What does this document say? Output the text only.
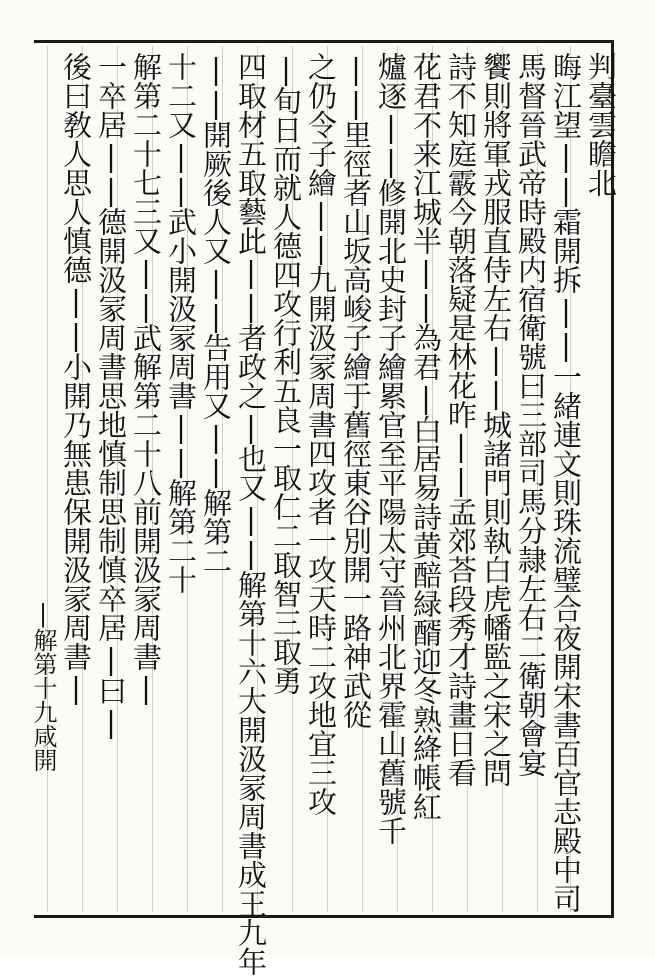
判臺雲瞻北
晦江望||霜開拆||一緒連文則珠流璧合夜開宋書百官志殿中司
馬督晉武帝時殿内宿衛號曰三部司馬分隷左右二衛朝會宴
饗則將軍戎服直侍左右||城諸門則執白虎幡監之宋之問
詩不知庭霰今朝落疑是林花昨||孟郊荅段秀才詩畫日看
花君不来江城半||為君|白居易詩黄醅緑醑迎冬熟絳帳紅
爐逐||修開北史封子繪累官至平陽太守晉州北界霍山舊號千
||里徑者山坂高峻子繪于舊徑東谷別開一路神武從
之仍令子繪||九開汲冡周書四攻者一攻天時二攻地宜三攻
|旬日而就人德四攻行利五良一取仁二取智三取勇
四取材五取藝此||者政之|也又||解第十六大開汲冡周書成王九年
||開厥後人又||告用又||解第二
十二又||武小開汲冡周書||解第二十
解第二十七三又||武解第二十八前開汲冡周書|
一卒居||德開汲冡周書思地慎制思制慎卒居|曰|
後曰敎人思人慎德||小開乃無患保開汲冡周書|
|解第十九咸開
